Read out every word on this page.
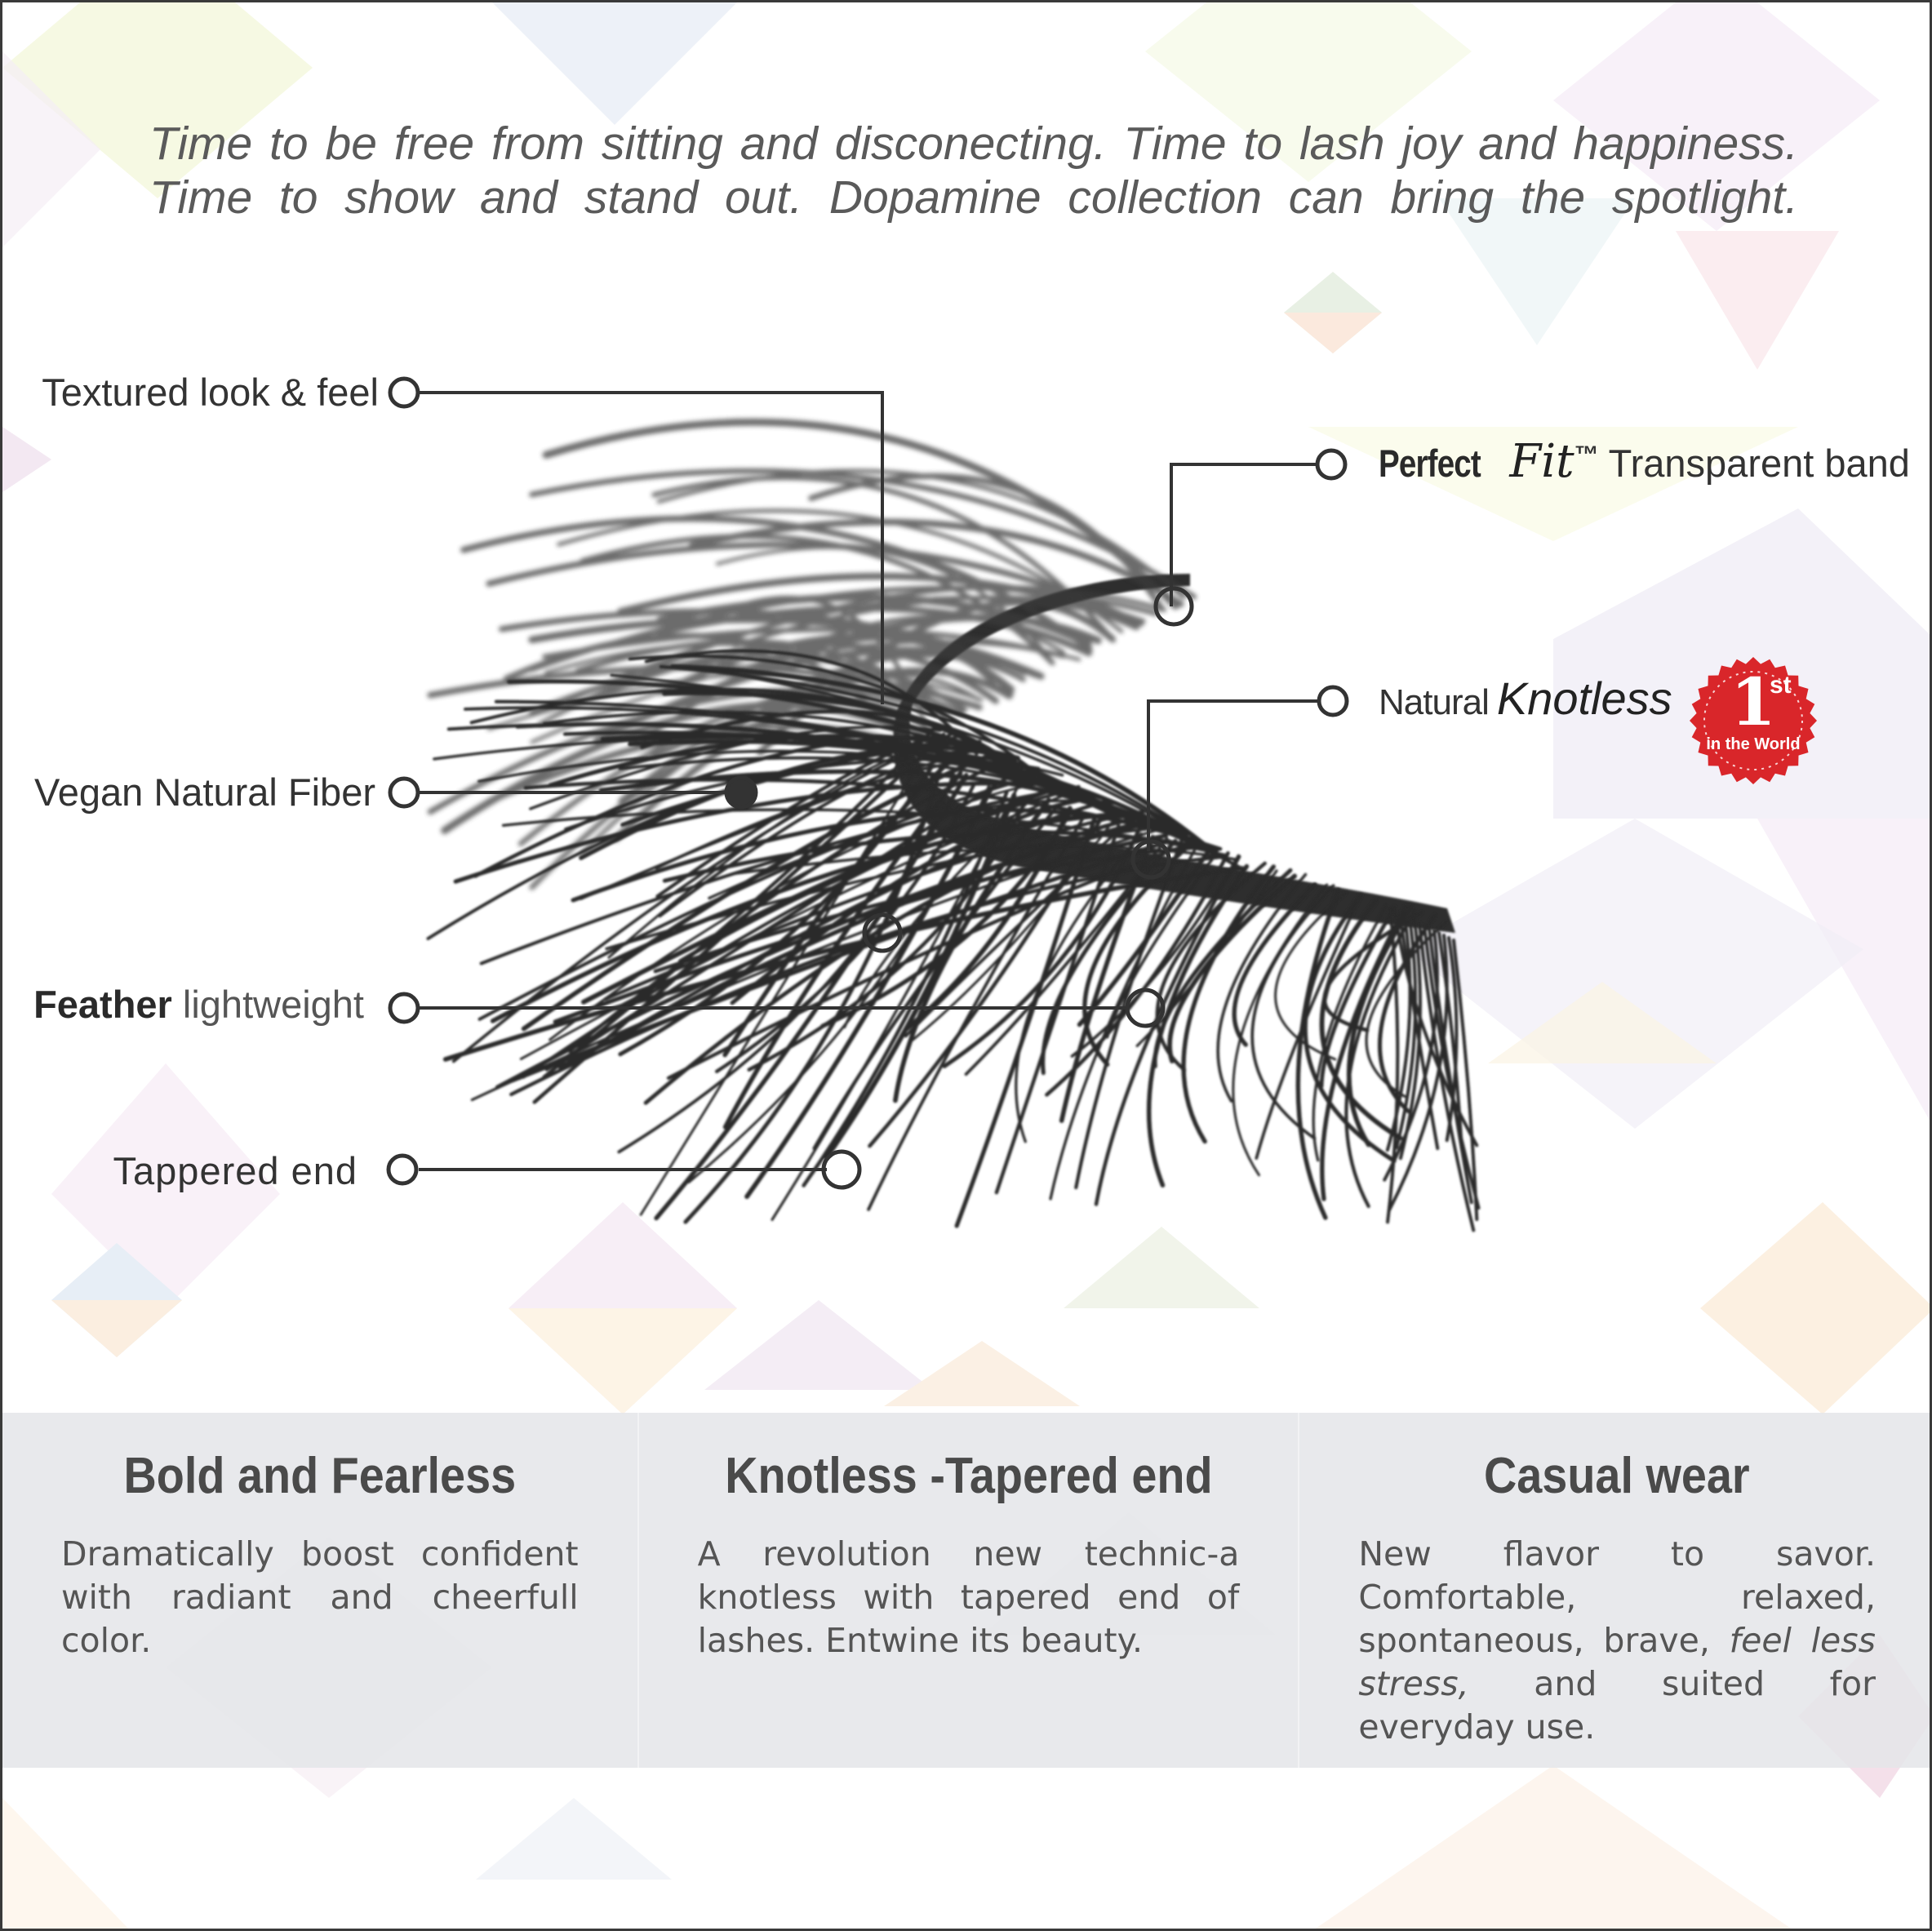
Time to be free from sitting and disconecting. Time to lash joy and happiness.
Time to show and stand out. Dopamine collection can bring the spotlight.
Textured look & feel
Vegan Natural Fiber
Feather lightweight
Tappered end
Perfect Fit™ Transparent band
Natural Knotless 1
st
in the World
Bold and Fearless
Dramatically boost confident with radiant and cheerfull color.
Knotless -Tapered end
A revolution new technic-a knotless with tapered end of lashes. Entwine its beauty.
Casual wear
New flavor to savor. Comfortable, relaxed, spontaneous, brave, feel less stress, and suited for everyday use.
